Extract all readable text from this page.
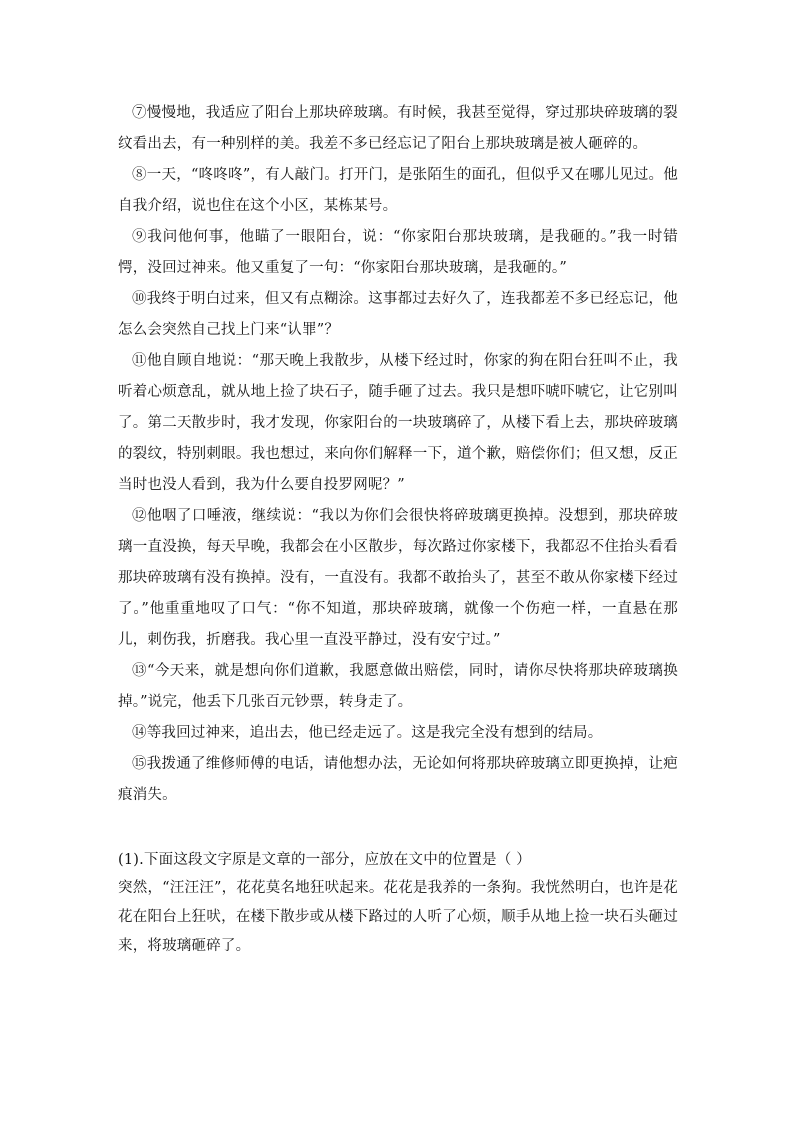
⑦慢慢地，我适应了阳台上那块碎玻璃。有时候，我甚至觉得，穿过那块碎玻璃的裂纹看出去，有一种别样的美。我差不多已经忘记了阳台上那块玻璃是被人砸碎的。

⑧一天，“咚咚咚”，有人敲门。打开门，是张陌生的面孔，但似乎又在哪儿见过。他自我介绍，说也住在这个小区，某栋某号。

⑨我问他何事，他瞄了一眼阳台，说：“你家阳台那块玻璃，是我砸的。”我一时错愕，没回过神来。他又重复了一句：“你家阳台那块玻璃，是我砸的。”

⑩我终于明白过来，但又有点糊涂。这事都过去好久了，连我都差不多已经忘记，他怎么会突然自己找上门来“认罪”？

⑪他自顾自地说：“那天晚上我散步，从楼下经过时，你家的狗在阳台狂叫不止，我听着心烦意乱，就从地上捡了块石子，随手砸了过去。我只是想吓唬吓唬它，让它别叫了。第二天散步时，我才发现，你家阳台的一块玻璃碎了，从楼下看上去，那块碎玻璃的裂纹，特别刺眼。我也想过，来向你们解释一下，道个歉，赔偿你们；但又想，反正当时也没人看到，我为什么要自投罗网呢？”

⑫他咽了口唾液，继续说：“我以为你们会很快将碎玻璃更换掉。没想到，那块碎玻璃一直没换，每天早晚，我都会在小区散步，每次路过你家楼下，我都忍不住抬头看看那块碎玻璃有没有换掉。没有，一直没有。我都不敢抬头了，甚至不敢从你家楼下经过了。”他重重地叹了口气：“你不知道，那块碎玻璃，就像一个伤疤一样，一直悬在那儿，刺伤我，折磨我。我心里一直没平静过，没有安宁过。”

⑬“今天来，就是想向你们道歉，我愿意做出赔偿，同时，请你尽快将那块碎玻璃换掉。”说完，他丢下几张百元钞票，转身走了。

⑭等我回过神来，追出去，他已经走远了。这是我完全没有想到的结局。

⑮我拨通了维修师傅的电话，请他想办法，无论如何将那块碎玻璃立即更换掉，让疤痕消失。

(1).下面这段文字原是文章的一部分，应放在文中的位置是（ ）

突然，“汪汪汪”，花花莫名地狂吠起来。花花是我养的一条狗。我恍然明白，也许是花花在阳台上狂吠，在楼下散步或从楼下路过的人听了心烦，顺手从地上捡一块石头砸过来，将玻璃砸碎了。
